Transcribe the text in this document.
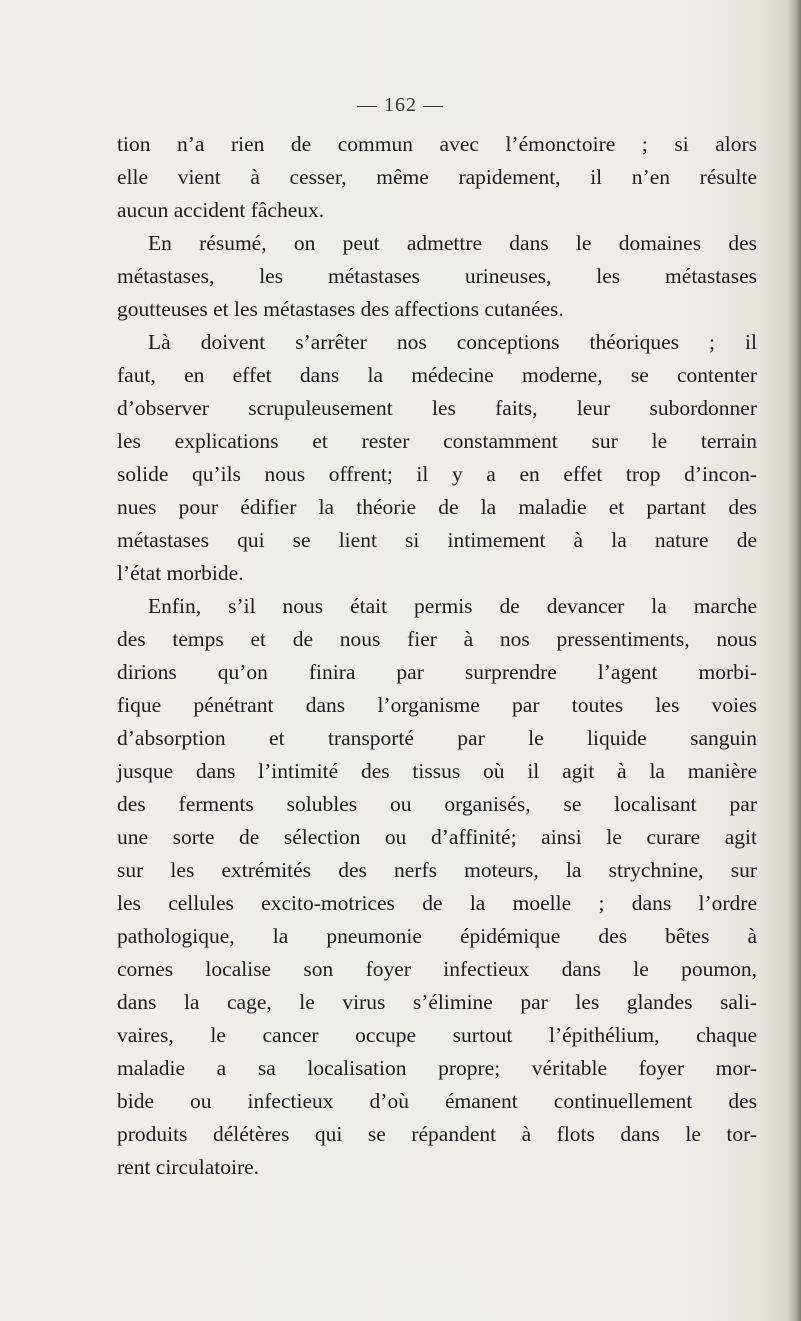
— 162 —
tion n’a rien de commun avec l’émonctoire ; si alors
elle vient à cesser, même rapidement, il n’en résulte
aucun accident fâcheux.
En résumé, on peut admettre dans le domaines des
métastases, les métastases urineuses, les métastases
goutteuses et les métastases des affections cutanées.
Là doivent s’arrêter nos conceptions théoriques ; il
faut, en effet dans la médecine moderne, se contenter
d’observer scrupuleusement les faits, leur subordonner
les explications et rester constamment sur le terrain
solide qu’ils nous offrent; il y a en effet trop d’incon-
nues pour édifier la théorie de la maladie et partant des
métastases qui se lient si intimement à la nature de
l’état morbide.
Enfin, s’il nous était permis de devancer la marche
des temps et de nous fier à nos pressentiments, nous
dirions qu’on finira par surprendre l’agent morbi-
fique pénétrant dans l’organisme par toutes les voies
d’absorption et transporté par le liquide sanguin
jusque dans l’intimité des tissus où il agit à la manière
des ferments solubles ou organisés, se localisant par
une sorte de sélection ou d’affinité; ainsi le curare agit
sur les extrémités des nerfs moteurs, la strychnine, sur
les cellules excito-motrices de la moelle ; dans l’ordre
pathologique, la pneumonie épidémique des bêtes à
cornes localise son foyer infectieux dans le poumon,
dans la cage, le virus s’élimine par les glandes sali-
vaires, le cancer occupe surtout l’épithélium, chaque
maladie a sa localisation propre; véritable foyer mor-
bide ou infectieux d’où émanent continuellement des
produits délétères qui se répandent à flots dans le tor-
rent circulatoire.
